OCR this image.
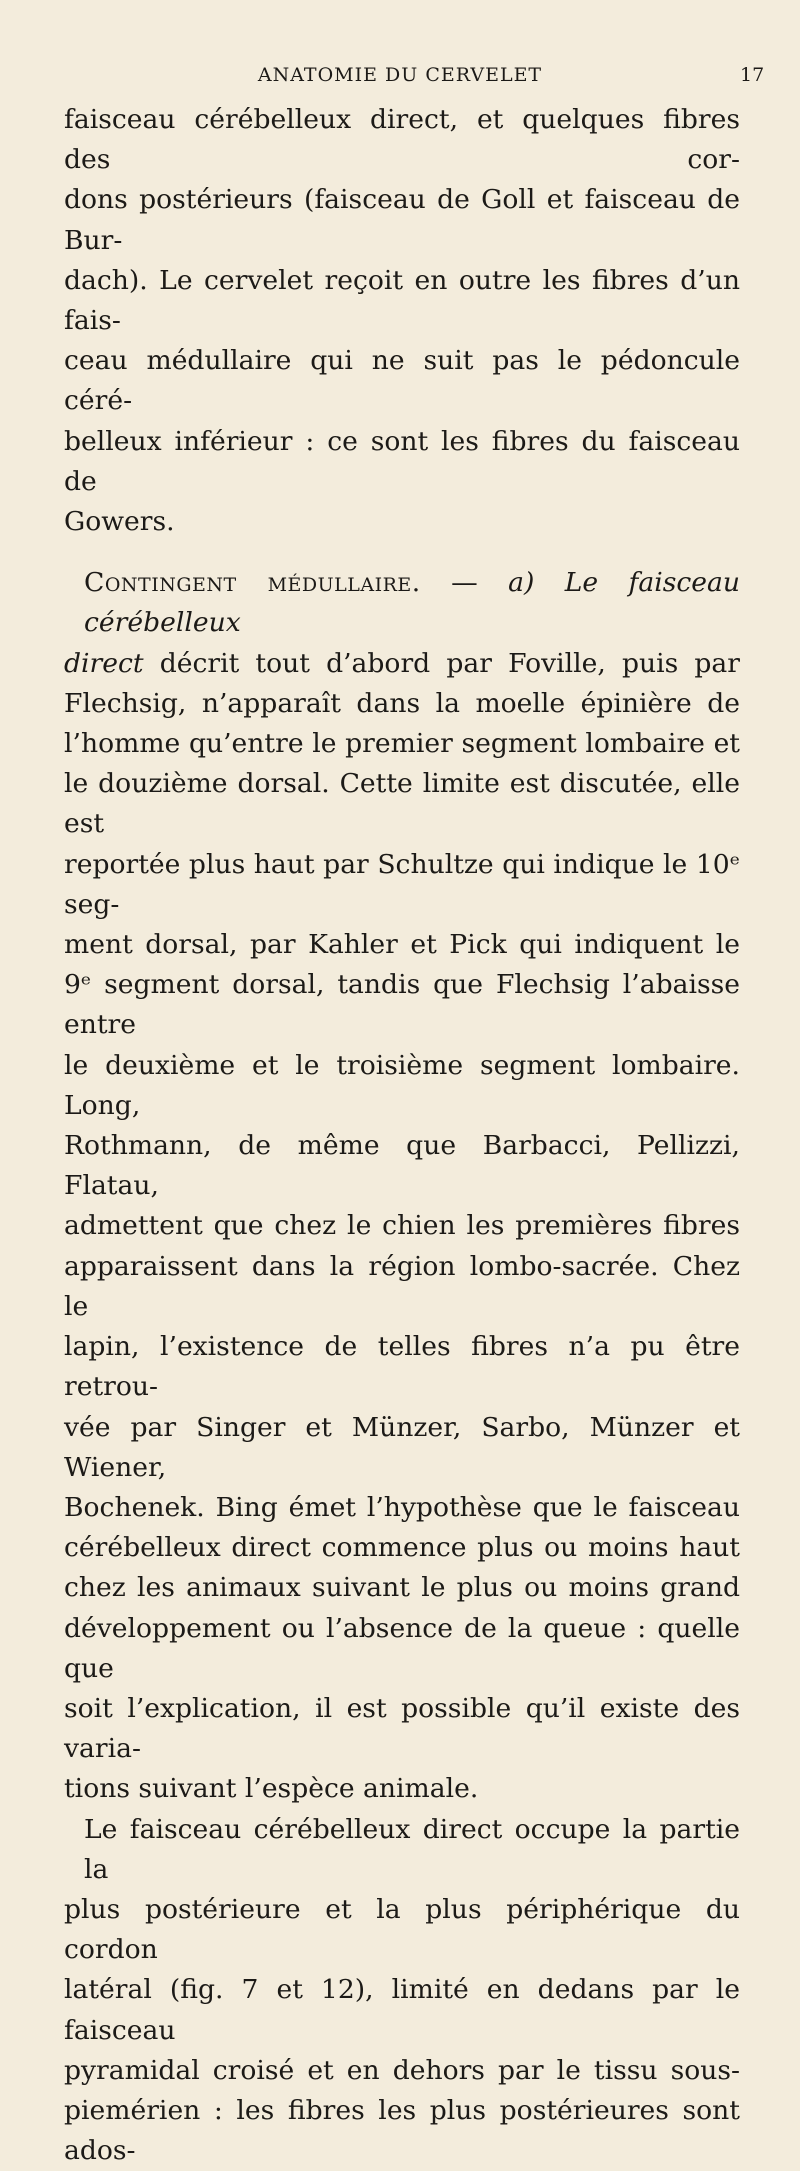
ANATOMIE DU CERVELET	17
faisceau cérébelleux direct, et quelques fibres des cor-
dons postérieurs (faisceau de Goll et faisceau de Bur-
dach). Le cervelet reçoit en outre les fibres d’un fais-
ceau médullaire qui ne suit pas le pédoncule céré-
belleux inférieur : ce sont les fibres du faisceau de
Gowers.
Contingent médullaire. — a) Le faisceau cérébelleux
direct décrit tout d’abord par Foville, puis par
Flechsig, n’apparaît dans la moelle épinière de
l’homme qu’entre le premier segment lombaire et
le douzième dorsal. Cette limite est discutée, elle est
reportée plus haut par Schultze qui indique le 10ᵉ seg-
ment dorsal, par Kahler et Pick qui indiquent le
9ᵉ segment dorsal, tandis que Flechsig l’abaisse entre
le deuxième et le troisième segment lombaire. Long,
Rothmann, de même que Barbacci, Pellizzi, Flatau,
admettent que chez le chien les premières fibres
apparaissent dans la région lombo-sacrée. Chez le
lapin, l’existence de telles fibres n’a pu être retrou-
vée par Singer et Münzer, Sarbo, Münzer et Wiener,
Bochenek. Bing émet l’hypothèse que le faisceau
cérébelleux direct commence plus ou moins haut
chez les animaux suivant le plus ou moins grand
développement ou l’absence de la queue : quelle que
soit l’explication, il est possible qu’il existe des varia-
tions suivant l’espèce animale.
Le faisceau cérébelleux direct occupe la partie la
plus postérieure et la plus périphérique du cordon
latéral (fig. 7 et 12), limité en dedans par le faisceau
pyramidal croisé et en dehors par le tissu sous-
piemérien : les fibres les plus postérieures sont ados-
